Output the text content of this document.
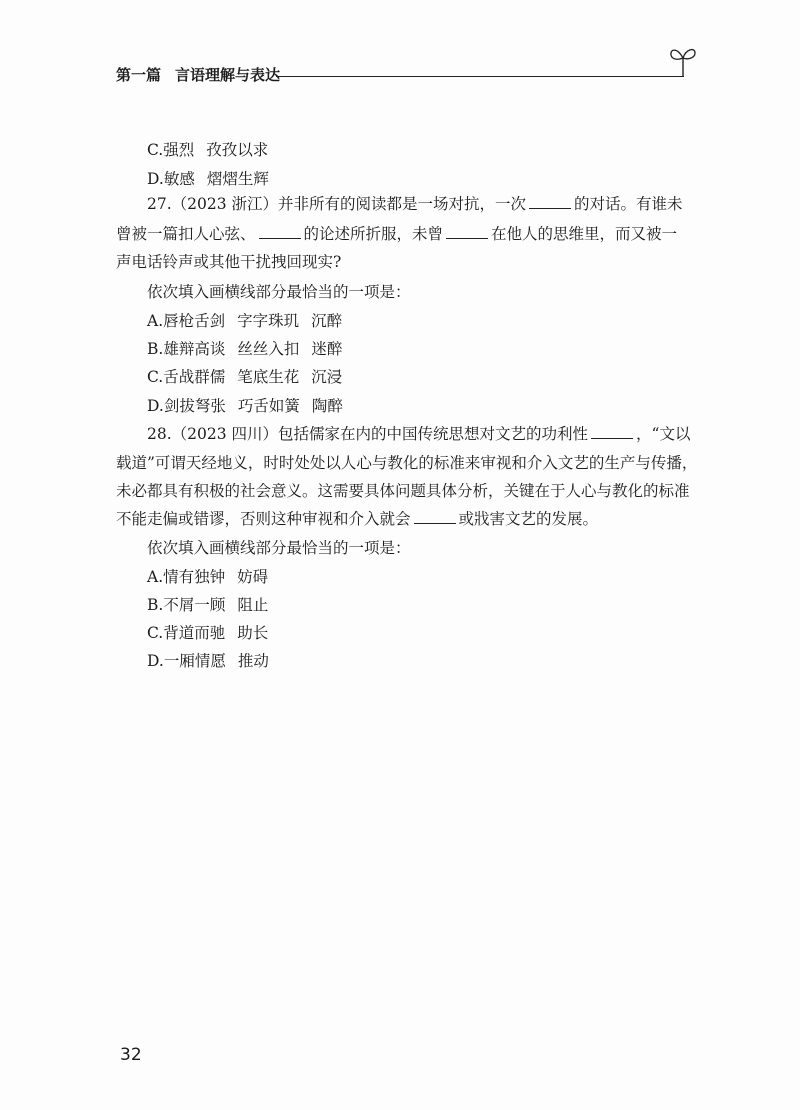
第一篇 言语理解与表达
C.强烈 孜孜以求
D.敏感 熠熠生辉
27.（2023 浙江）并非所有的阅读都是一场对抗，一次	的对话。有谁未
曾被一篇扣人心弦、	的论述所折服，未曾	在他人的思维里，而又被一
声电话铃声或其他干扰拽回现实?
依次填入画横线部分最恰当的一项是：
A.唇枪舌剑 字字珠玑 沉醉
B.雄辩高谈 丝丝入扣 迷醉
C.舌战群儒 笔底生花 沉浸
D.剑拔弩张 巧舌如簧 陶醉
28.（2023 四川）包括儒家在内的中国传统思想对文艺的功利性	，“文以
载道”可谓天经地义，时时处处以人心与教化的标准来审视和介入文艺的生产与传播，
未必都具有积极的社会意义。这需要具体问题具体分析，关键在于人心与教化的标准
不能走偏或错谬，否则这种审视和介入就会	或戕害文艺的发展。
依次填入画横线部分最恰当的一项是：
A.情有独钟 妨碍
B.不屑一顾 阻止
C.背道而驰 助长
D.一厢情愿 推动
32
